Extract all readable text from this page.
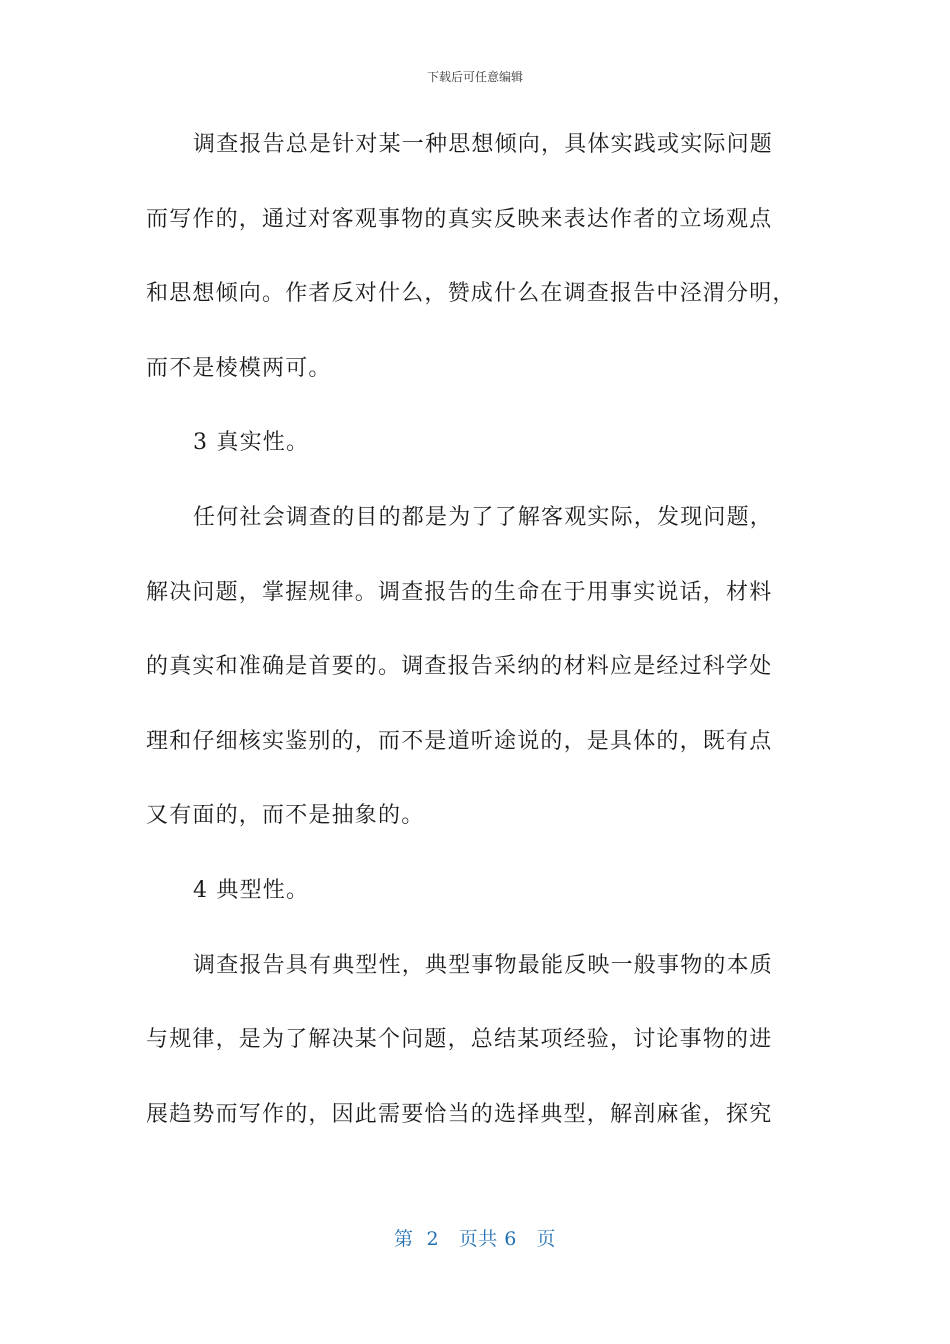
下载后可任意编辑
调查报告总是针对某一种思想倾向，具体实践或实际问题
而写作的，通过对客观事物的真实反映来表达作者的立场观点
和思想倾向。作者反对什么，赞成什么在调查报告中泾渭分明，
而不是棱模两可。
3 真实性。
任何社会调查的目的都是为了了解客观实际，发现问题，
解决问题，掌握规律。调查报告的生命在于用事实说话，材料
的真实和准确是首要的。调查报告采纳的材料应是经过科学处
理和仔细核实鉴别的，而不是道听途说的，是具体的，既有点
又有面的，而不是抽象的。
4 典型性。
调查报告具有典型性，典型事物最能反映一般事物的本质
与规律，是为了解决某个问题，总结某项经验，讨论事物的进
展趋势而写作的，因此需要恰当的选择典型，解剖麻雀，探究
第  2   页共 6   页
